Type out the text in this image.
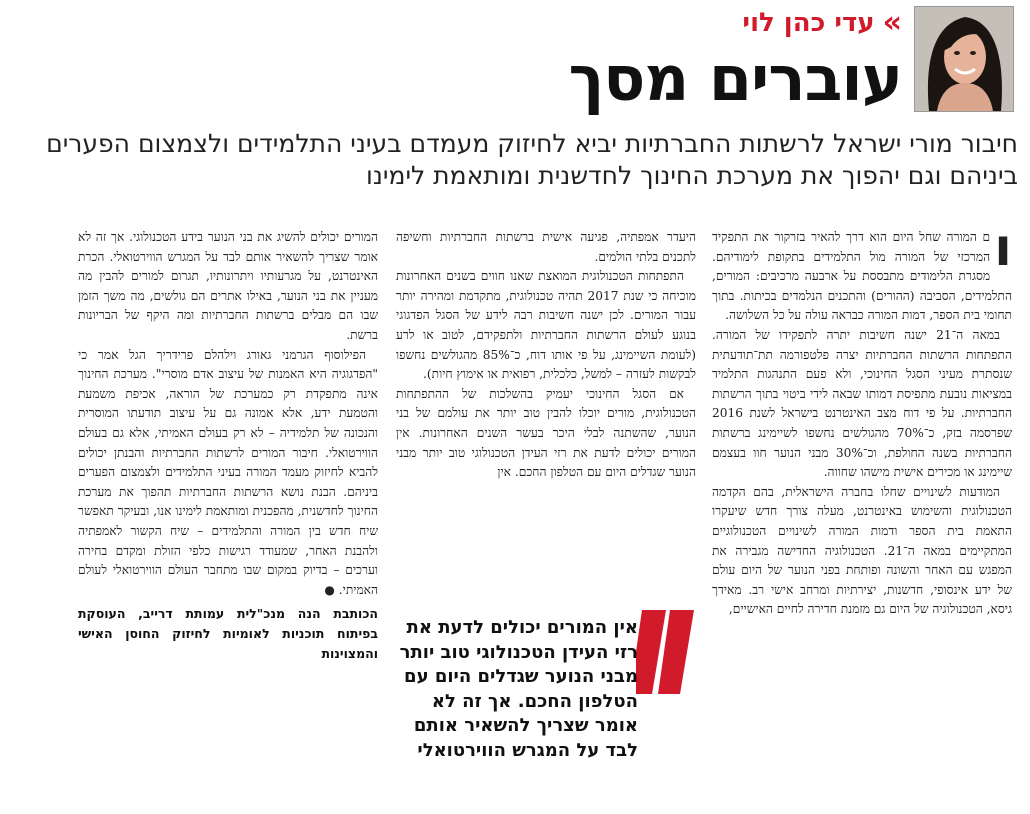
»
עדי כהן לוי
עוברים מסך
חיבור מורי ישראל לרשתות החברתיות יביא לחיזוק מעמדם בעיני התלמידים ולצמצום הפערים ביניהם וגם יהפוך את מערכת החינוך לחדשנית ומותאמת לימינו

ו
ם המורה שחל היום הוא דרך להאיר בזרקור את התפקיד המרכזי של המורה מול התלמידים בתקופת לימודיהם. מסגרת הלימודים מתבססת על ארבעה מרכיבים: המורים, התלמידים, הסביבה (ההורים) והתכנים הנלמדים בכיתות. בתוך תחומי בית הספר, דמות המורה כבראה עולה על כל השלושה.

במאה ה־21 ישנה חשיבות יתרה לתפקידו של המורה. התפתחות הרשתות החברתיות יצרה פלטפורמה תת־תודעתית שנסתרת מעיני הסגל החינוכי, ולא פעם התנהגות התלמיד במציאות נובעת מתפיסת דמותו שבאה לידי ביטוי בתוך הרשתות החברתיות. על פי דוח מצב האינטרנט בישראל לשנת 2016 שפרסמה בזק, כ־70% מהגולשים נחשפו לשיימינג ברשתות החברתיות בשנה החולפת, וכ־30% מבני הנוער חוו בעצמם שיימינג או מכירים אישית מישהו שחווה.

המודעות לשינויים שחלו בחברה הישראלית, בהם הקדמה הטכנולוגית והשימוש באינטרנט, מעלה צורך חדש שיעקרו התאמת בית הספר ודמות המורה לשינויים הטכנולוגיים המתקיימים במאה ה־21. הטכנולוגיה החדישה מגבירה את המפגש עם האחר והשונה ופותחת בפני הנוער של היום עולם של ידע אינסופי, חדשנות, יצירתיות ומרחב אישי רב. מאידך גיסא, הטכנולוגיה של היום גם מזמנת חדירה לחיים האישיים,

היעדר אמפתיה, פגיעה אישית ברשתות החברתיות וחשיפה לתכנים בלתי הולמים.

התפתחות הטכנולוגית המואצת שאנו חווים בשנים האחרונות מוכיחה כי שנת 2017 תהיה טכנולוגית, מתקדמת ומהירה יותר עבור המורים. לכן ישנה חשיבות רבה לידע של הסגל הפדגוגי בנוגע לעולם הרשתות החברתיות ולתפקידם, לטוב או לרע (לעומת השיימינג, על פי אותו דוח, כ־85% מהגולשים נחשפו לבקשות לעזרה – למשל, כלכלית, רפואית או אימוץ חיות).

אם הסגל החינוכי יעמיק בהשלכות של ההתפתחות הטכנולוגית, מורים יוכלו להבין טוב יותר את עולמם של בני הנוער, שהשתנה לבלי היכר בעשר השנים האחרונות. אין המורים יכולים לדעת את רזי העידן הטכנולוגי טוב יותר מבני הנוער שגדלים היום עם הטלפון החכם. אין

אין המורים יכולים לדעת את רזי העידן הטכנולוגי טוב יותר מבני הנוער שגדלים היום עם הטלפון החכם. אך זה לא אומר שצריך להשאיר אותם לבד על המגרש הווירטואלי

המורים יכולים להשיג את בני הנוער בידע הטכנולוגי. אך זה לא אומר שצריך להשאיר אותם לבד על המגרש הווירטואלי. הכרת האינטרנט, על מגרעותיו ויתרונותיו, תגרום למורים להבין מה מעניין את בני הנוער, באילו אתרים הם גולשים, מה משך הזמן שבו הם מבלים ברשתות החברתיות ומה היקף של הבריונות ברשת.

הפילוסוף הגרמני גאורג וילהלם פרידריך הגל אמר כי "הפדגוגיה היא האמנות של עיצוב אדם מוסרי". מערכת החינוך אינה מתפקדת רק כמערכת של הוראה, אכיפת משמעת והטמעת ידע, אלא אמונה גם על עיצוב תודעתו המוסרית והנכונה של תלמידיה – לא רק בעולם האמיתי, אלא גם בעולם הווירטואלי. חיבור המורים לרשתות החברתיות והבנתן יכולים להביא לחיזוק מעמד המורה בעיני התלמידים ולצמצום הפערים ביניהם. הבנת נושא הרשתות החברתיות תהפוך את מערכת החינוך לחדשנית, מהפכנית ומותאמת לימינו אנו, ובעיקר תאפשר שיח חדש בין המורה והתלמידים – שיח הקשור לאמפתיה ולהבנת האחר, שמעודד רגישות כלפי הזולת ומקדם בחירה וערכים – בדיוק במקום שבו מתחבר העולם הווירטואלי לעולם האמיתי. ●

הכותבת הנה מנכ"לית עמותת דרייב, העוסקת בפיתוח תוכניות לאומיות לחיזוק החוסן האישי והמצוינות
